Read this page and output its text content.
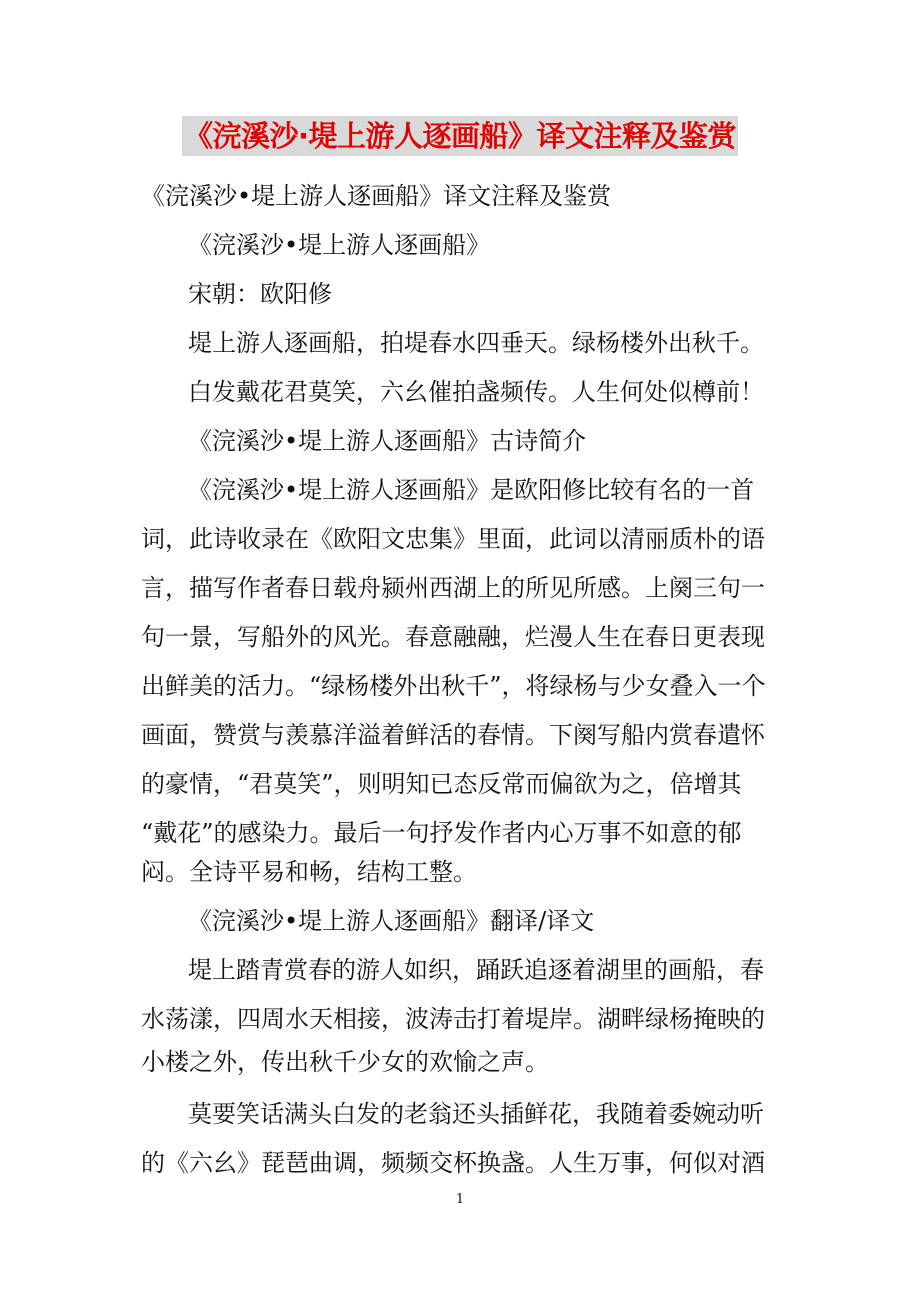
《浣溪沙·堤上游人逐画船》译文注释及鉴赏
《浣溪沙•堤上游人逐画船》译文注释及鉴赏
《浣溪沙•堤上游人逐画船》
宋朝：欧阳修
堤上游人逐画船，拍堤春水四垂天。绿杨楼外出秋千。
白发戴花君莫笑，六幺催拍盏频传。人生何处似樽前！
《浣溪沙•堤上游人逐画船》古诗简介
《浣溪沙•堤上游人逐画船》是欧阳修比较有名的一首
词，此诗收录在《欧阳文忠集》里面，此词以清丽质朴的语
言，描写作者春日载舟颍州西湖上的所见所感。上阕三句一
句一景，写船外的风光。春意融融，烂漫人生在春日更表现
出鲜美的活力。“绿杨楼外出秋千”，将绿杨与少女叠入一个
画面，赞赏与羡慕洋溢着鲜活的春情。下阕写船内赏春遣怀
的豪情，“君莫笑”，则明知已态反常而偏欲为之，倍增其
“戴花”的感染力。最后一句抒发作者内心万事不如意的郁
闷。全诗平易和畅，结构工整。
《浣溪沙•堤上游人逐画船》翻译/译文
堤上踏青赏春的游人如织，踊跃追逐着湖里的画船，春
水荡漾，四周水天相接，波涛击打着堤岸。湖畔绿杨掩映的
小楼之外，传出秋千少女的欢愉之声。
莫要笑话满头白发的老翁还头插鲜花，我随着委婉动听
的《六幺》琵琶曲调，频频交杯换盏。人生万事，何似对酒
1
